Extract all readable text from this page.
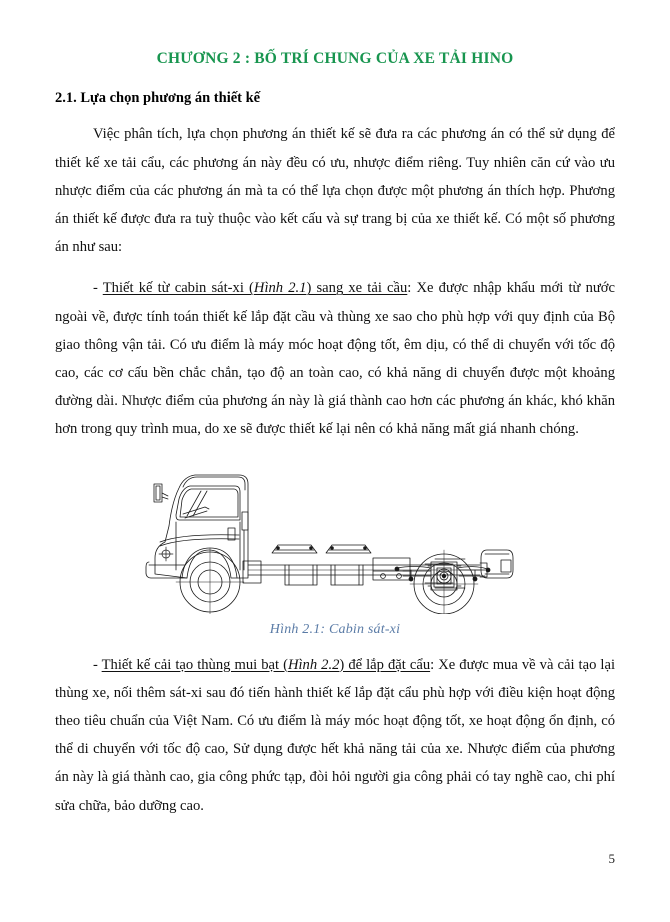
CHƯƠNG 2 : BỐ TRÍ CHUNG CỦA XE TẢI HINO
2.1. Lựa chọn phương án thiết kế

Việc phân tích, lựa chọn phương án thiết kế sẽ đưa ra các phương án có thể sử dụng để thiết kế xe tải cẩu, các phương án này đều có ưu, nhược điểm riêng. Tuy nhiên căn cứ vào ưu nhược điểm của các phương án mà ta có thể lựa chọn được một phương án thích hợp. Phương án thiết kế được đưa ra tuỳ thuộc vào kết cấu và sự trang bị của xe thiết kế. Có một số phương án như sau:

- Thiết kế từ cabin sát-xi (Hình 2.1) sang xe tải cầu: Xe được nhập khẩu mới từ nước ngoài về, được tính toán thiết kế lắp đặt cầu và thùng xe sao cho phù hợp với quy định của Bộ giao thông vận tải. Có ưu điểm là máy móc hoạt động tốt, êm dịu, có thể di chuyển với tốc độ cao, các cơ cấu bền chắc chắn, tạo độ an toàn cao, có khả năng di chuyển được một khoảng đường dài. Nhược điểm của phương án này là giá thành cao hơn các phương án khác, khó khăn hơn trong quy trình mua, do xe sẽ được thiết kế lại nên có khả năng mất giá nhanh chóng.

Hình 2.1: Cabin sát-xi

- Thiết kế cải tạo thùng mui bạt (Hình 2.2) để lắp đặt cẩu: Xe được mua về và cải tạo lại thùng xe, nối thêm sát-xi sau đó tiến hành thiết kế lắp đặt cẩu phù hợp với điều kiện hoạt động theo tiêu chuẩn của Việt Nam. Có ưu điểm là máy móc hoạt động tốt, xe hoạt động ổn định, có thể di chuyển với tốc độ cao, Sử dụng được hết khả năng tải của xe. Nhược điểm của phương án này là giá thành cao, gia công phức tạp, đòi hỏi người gia công phải có tay nghề cao, chi phí sửa chữa, bảo dưỡng cao.

5
